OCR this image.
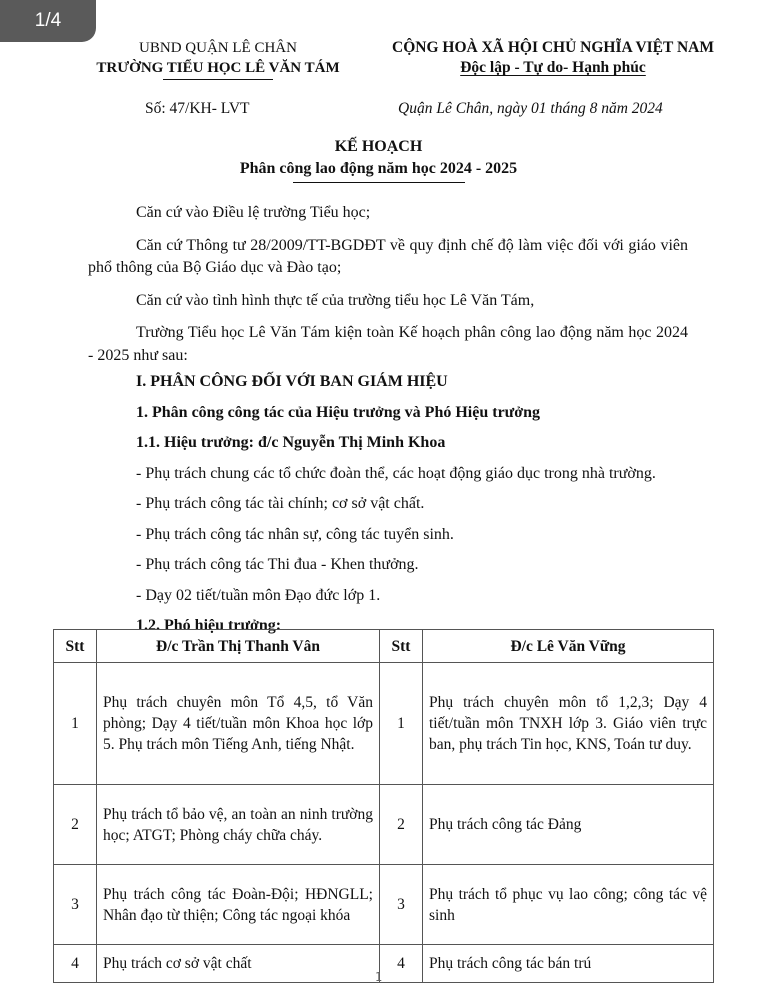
1/4
UBND QUẬN LÊ CHÂN
TRƯỜNG TIỂU HỌC LÊ VĂN TÁM
CỘNG HOÀ XÃ HỘI CHỦ NGHĨA VIỆT NAM
Độc lập - Tự do- Hạnh phúc
Số: 47/KH- LVT	Quận Lê Chân, ngày 01 tháng 8 năm 2024
KẾ HOẠCH
Phân công lao động năm học 2024 - 2025

Căn cứ vào Điều lệ trường Tiểu học;

Căn cứ Thông tư 28/2009/TT-BGDĐT về quy định chế độ làm việc đối với giáo viên phổ thông của Bộ Giáo dục và Đào tạo;

Căn cứ vào tình hình thực tế của trường tiểu học Lê Văn Tám,

Trường Tiểu học Lê Văn Tám kiện toàn Kế hoạch phân công lao động năm học 2024 - 2025 như sau:

I. PHÂN CÔNG ĐỐI VỚI BAN GIÁM HIỆU

1. Phân công công tác của Hiệu trưởng và Phó Hiệu trưởng

1.1. Hiệu trưởng: đ/c Nguyễn Thị Minh Khoa

- Phụ trách chung các tổ chức đoàn thể, các hoạt động giáo dục trong nhà trường.

- Phụ trách công tác tài chính; cơ sở vật chất.

- Phụ trách công tác nhân sự, công tác tuyển sinh.

- Phụ trách công tác Thi đua - Khen thưởng.

- Dạy 02 tiết/tuần môn Đạo đức lớp 1.

1.2. Phó hiệu trưởng:

Stt	Đ/c Trần Thị Thanh Vân	Stt	Đ/c Lê Văn Vững
1	Phụ trách chuyên môn Tổ 4,5, tổ Văn phòng; Dạy 4 tiết/tuần môn Khoa học lớp 5. Phụ trách môn Tiếng Anh, tiếng Nhật.	1	Phụ trách chuyên môn tổ 1,2,3; Dạy 4 tiết/tuần môn TNXH lớp 3. Giáo viên trực ban, phụ trách Tin học, KNS, Toán tư duy.
2	Phụ trách tổ bảo vệ, an toàn an ninh trường học; ATGT; Phòng cháy chữa cháy.	2	Phụ trách công tác Đảng
3	Phụ trách công tác Đoàn-Đội; HĐNGLL; Nhân đạo từ thiện; Công tác ngoại khóa	3	Phụ trách tổ phục vụ lao công; công tác vệ sinh
4	Phụ trách cơ sở vật chất	4	Phụ trách công tác bán trú
1
